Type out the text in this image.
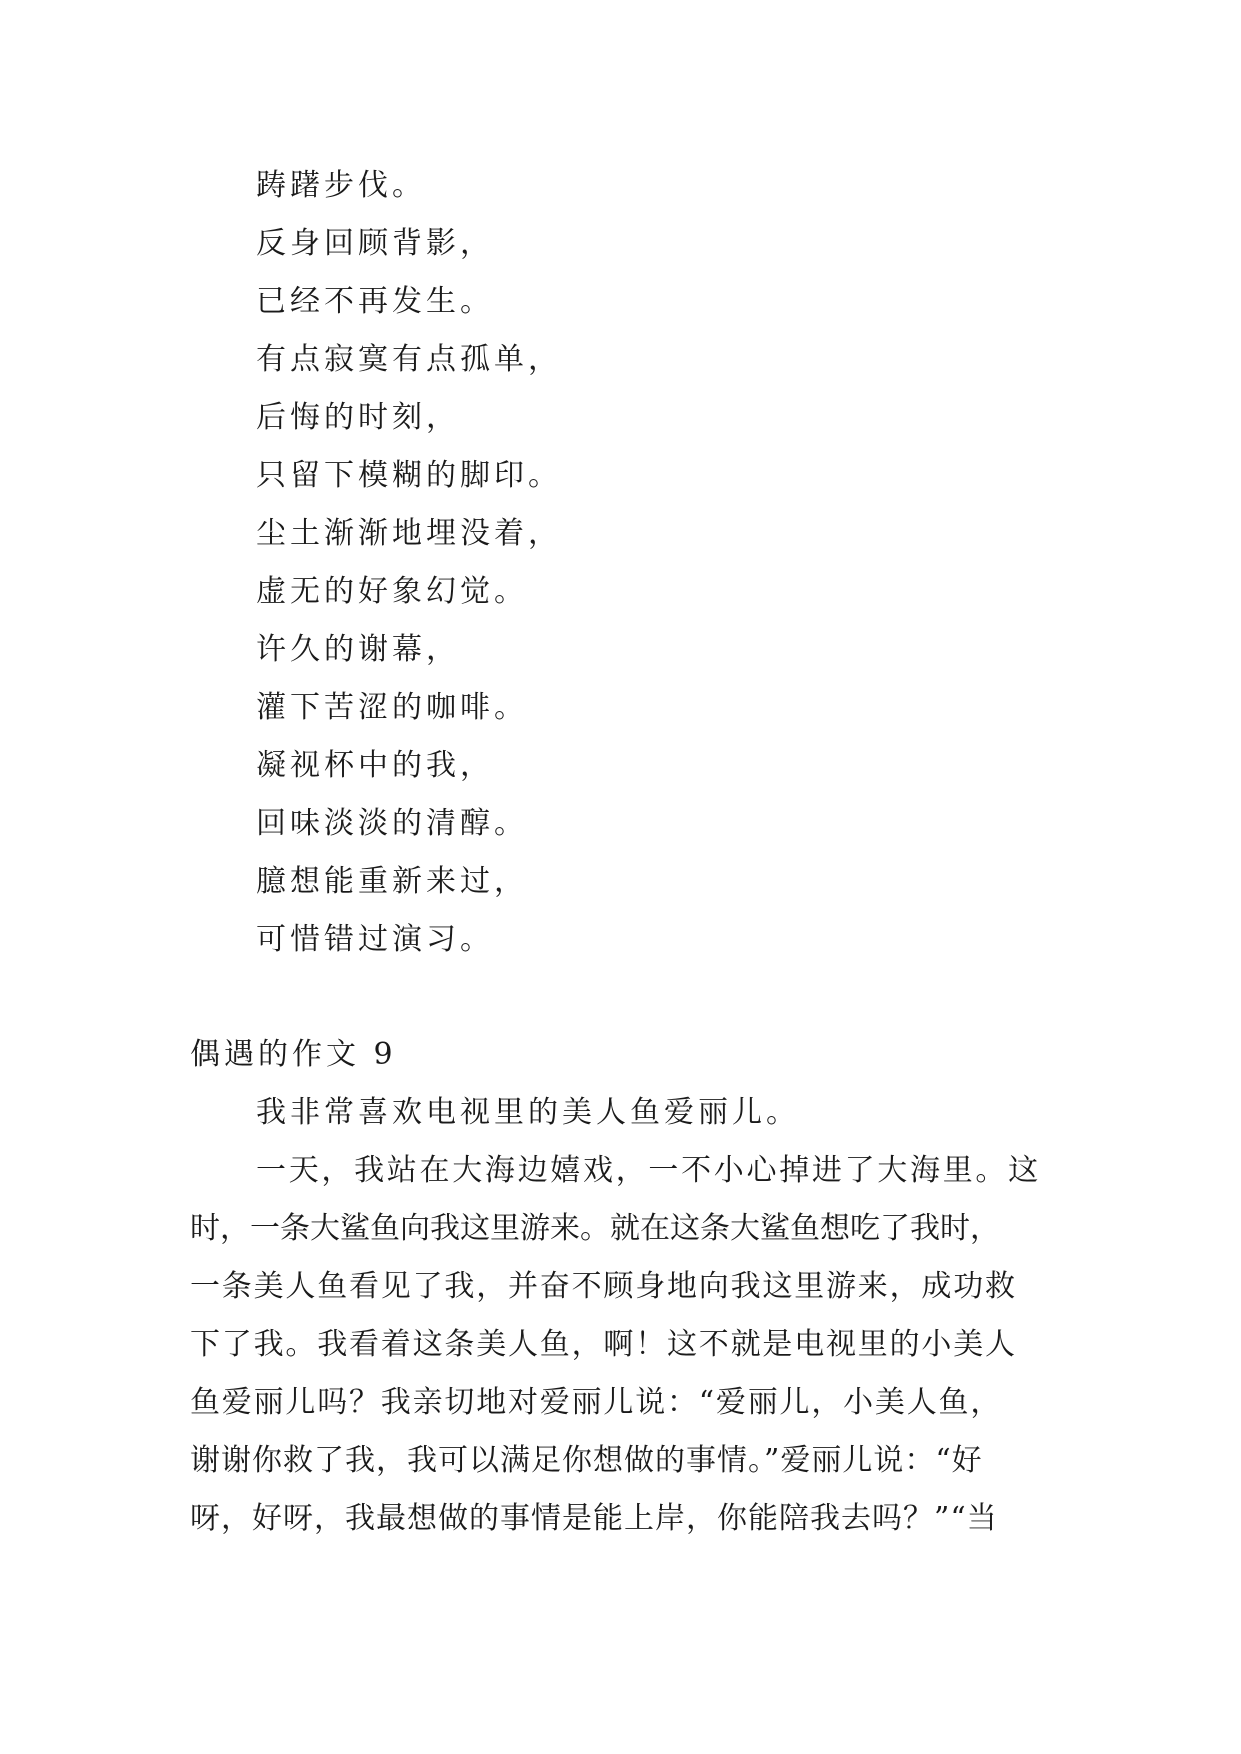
踌躇步伐。
反身回顾背影，
已经不再发生。
有点寂寞有点孤单，
后悔的时刻，
只留下模糊的脚印。
尘土渐渐地埋没着，
虚无的好象幻觉。
许久的谢幕，
灌下苦涩的咖啡。
凝视杯中的我，
回味淡淡的清醇。
臆想能重新来过，
可惜错过演习。
偶遇的作文 9
我非常喜欢电视里的美人鱼爱丽儿。
一天，我站在大海边嬉戏，一不小心掉进了大海里。这
时，一条大鲨鱼向我这里游来。就在这条大鲨鱼想吃了我时，
一条美人鱼看见了我，并奋不顾身地向我这里游来，成功救
下了我。我看着这条美人鱼，啊！这不就是电视里的小美人
鱼爱丽儿吗？我亲切地对爱丽儿说：“爱丽儿，小美人鱼，
谢谢你救了我，我可以满足你想做的事情。”爱丽儿说：“好
呀，好呀，我最想做的事情是能上岸，你能陪我去吗？”“当
